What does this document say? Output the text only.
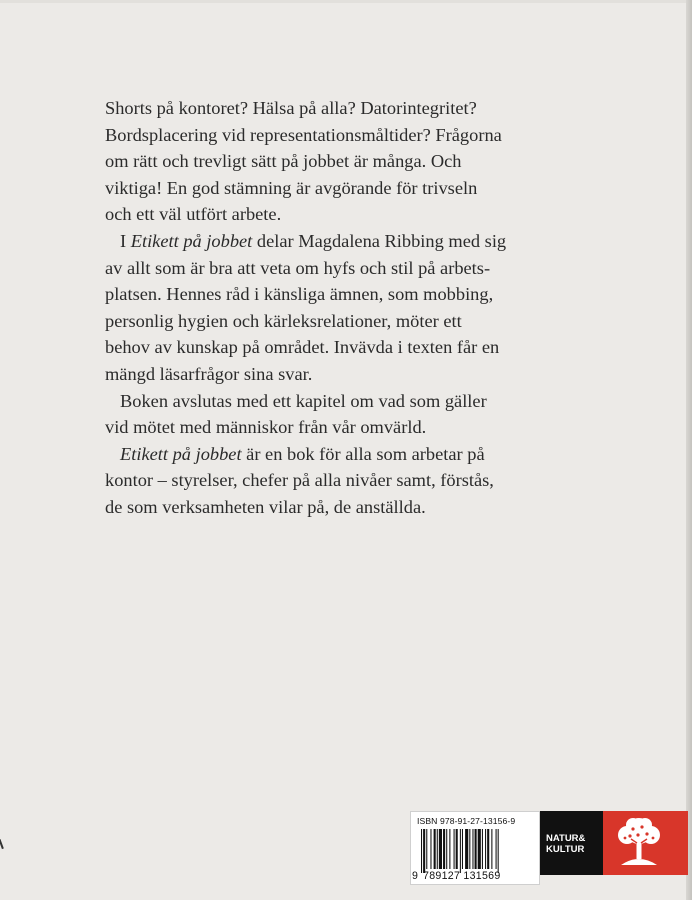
Shorts på kontoret? Hälsa på alla? Datorintegritet?
Bordsplacering vid representationsmåltider? Frågorna
om rätt och trevligt sätt på jobbet är många. Och
viktiga! En god stämning är avgörande för trivseln
och ett väl utfört arbete.

I Etikett på jobbet delar Magdalena Ribbing med sig
av allt som är bra att veta om hyfs och stil på arbets-
platsen. Hennes råd i känsliga ämnen, som mobbing,
personlig hygien och kärleksrelationer, möter ett
behov av kunskap på området. Invävda i texten får en
mängd läsarfrågor sina svar.

Boken avslutas med ett kapitel om vad som gäller
vid mötet med människor från vår omvärld.

Etikett på jobbet är en bok för alla som arbetar på
kontor – styrelser, chefer på alla nivåer samt, förstås,
de som verksamheten vilar på, de anställda.

ISBN 978-91-27-13156-9
9 789127 131569
NATUR&
KULTUR
